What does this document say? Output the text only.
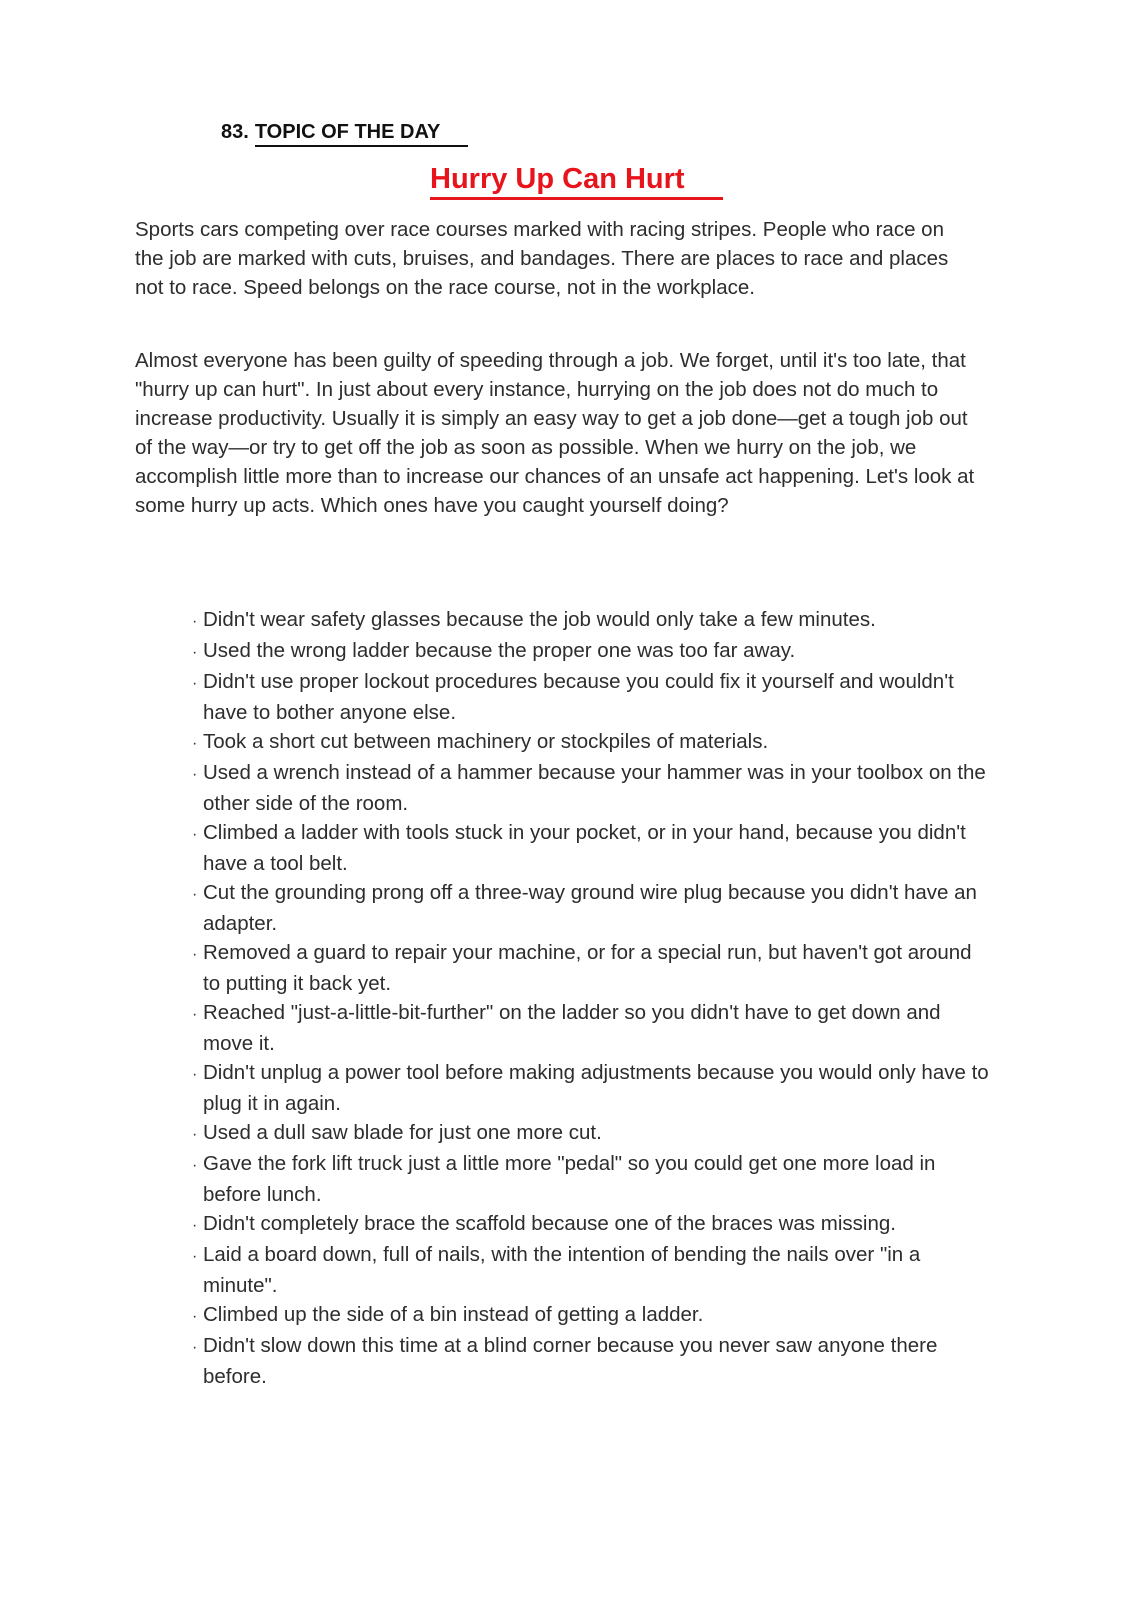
83. TOPIC OF THE DAY
Hurry Up Can Hurt

Sports cars competing over race courses marked with racing stripes. People who race on the job are marked with cuts, bruises, and bandages. There are places to race and places not to race. Speed belongs on the race course, not in the workplace.

Almost everyone has been guilty of speeding through a job. We forget, until it's too late, that "hurry up can hurt". In just about every instance, hurrying on the job does not do much to increase productivity. Usually it is simply an easy way to get a job done—get a tough job out of the way—or try to get off the job as soon as possible. When we hurry on the job, we accomplish little more than to increase our chances of an unsafe act happening. Let's look at some hurry up acts. Which ones have you caught yourself doing?

· Didn't wear safety glasses because the job would only take a few minutes.
· Used the wrong ladder because the proper one was too far away.
· Didn't use proper lockout procedures because you could fix it yourself and wouldn't have to bother anyone else.
· Took a short cut between machinery or stockpiles of materials.
· Used a wrench instead of a hammer because your hammer was in your toolbox on the other side of the room.
· Climbed a ladder with tools stuck in your pocket, or in your hand, because you didn't have a tool belt.
· Cut the grounding prong off a three-way ground wire plug because you didn't have an adapter.
· Removed a guard to repair your machine, or for a special run, but haven't got around to putting it back yet.
· Reached "just-a-little-bit-further" on the ladder so you didn't have to get down and move it.
· Didn't unplug a power tool before making adjustments because you would only have to plug it in again.
· Used a dull saw blade for just one more cut.
· Gave the fork lift truck just a little more "pedal" so you could get one more load in before lunch.
· Didn't completely brace the scaffold because one of the braces was missing.
· Laid a board down, full of nails, with the intention of bending the nails over "in a minute".
· Climbed up the side of a bin instead of getting a ladder.
· Didn't slow down this time at a blind corner because you never saw anyone there before.
